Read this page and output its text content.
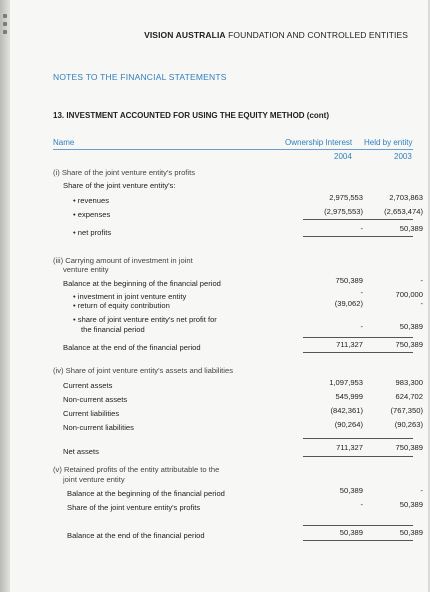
VISION AUSTRALIA FOUNDATION AND CONTROLLED ENTITIES
NOTES TO THE FINANCIAL STATEMENTS
13. INVESTMENT ACCOUNTED FOR USING THE EQUITY METHOD (cont)
Name	Ownership Interest Held by entity
2004	2003
(i) Share of the joint venture entity's profits
Share of the joint venture entity's:
• revenues	2,975,553	2,703,863
• expenses	(2,975,553)	(2,653,474)
• net profits	-	50,389
(iii) Carrying amount of investment in joint
venture entity
Balance at the beginning of the financial period	750,389	-
• investment in joint venture entity	-	700,000
• return of equity contribution	(39,062)	-
• share of joint venture entity's net profit for
the financial period	-	50,389
Balance at the end of the financial period	711,327	750,389
(iv) Share of joint venture entity's assets and liabilities
Current assets	1,097,953	983,300
Non-current assets	545,999	624,702
Current liabilities	(842,361)	(767,350)
Non-current liabilities	(90,264)	(90,263)
Net assets	711,327	750,389
(v) Retained profits of the entity attributable to the
joint venture entity
Balance at the beginning of the financial period	50,389	-
Share of the joint venture entity's profits	-	50,389
Balance at the end of the financial period	50,389	50,389
